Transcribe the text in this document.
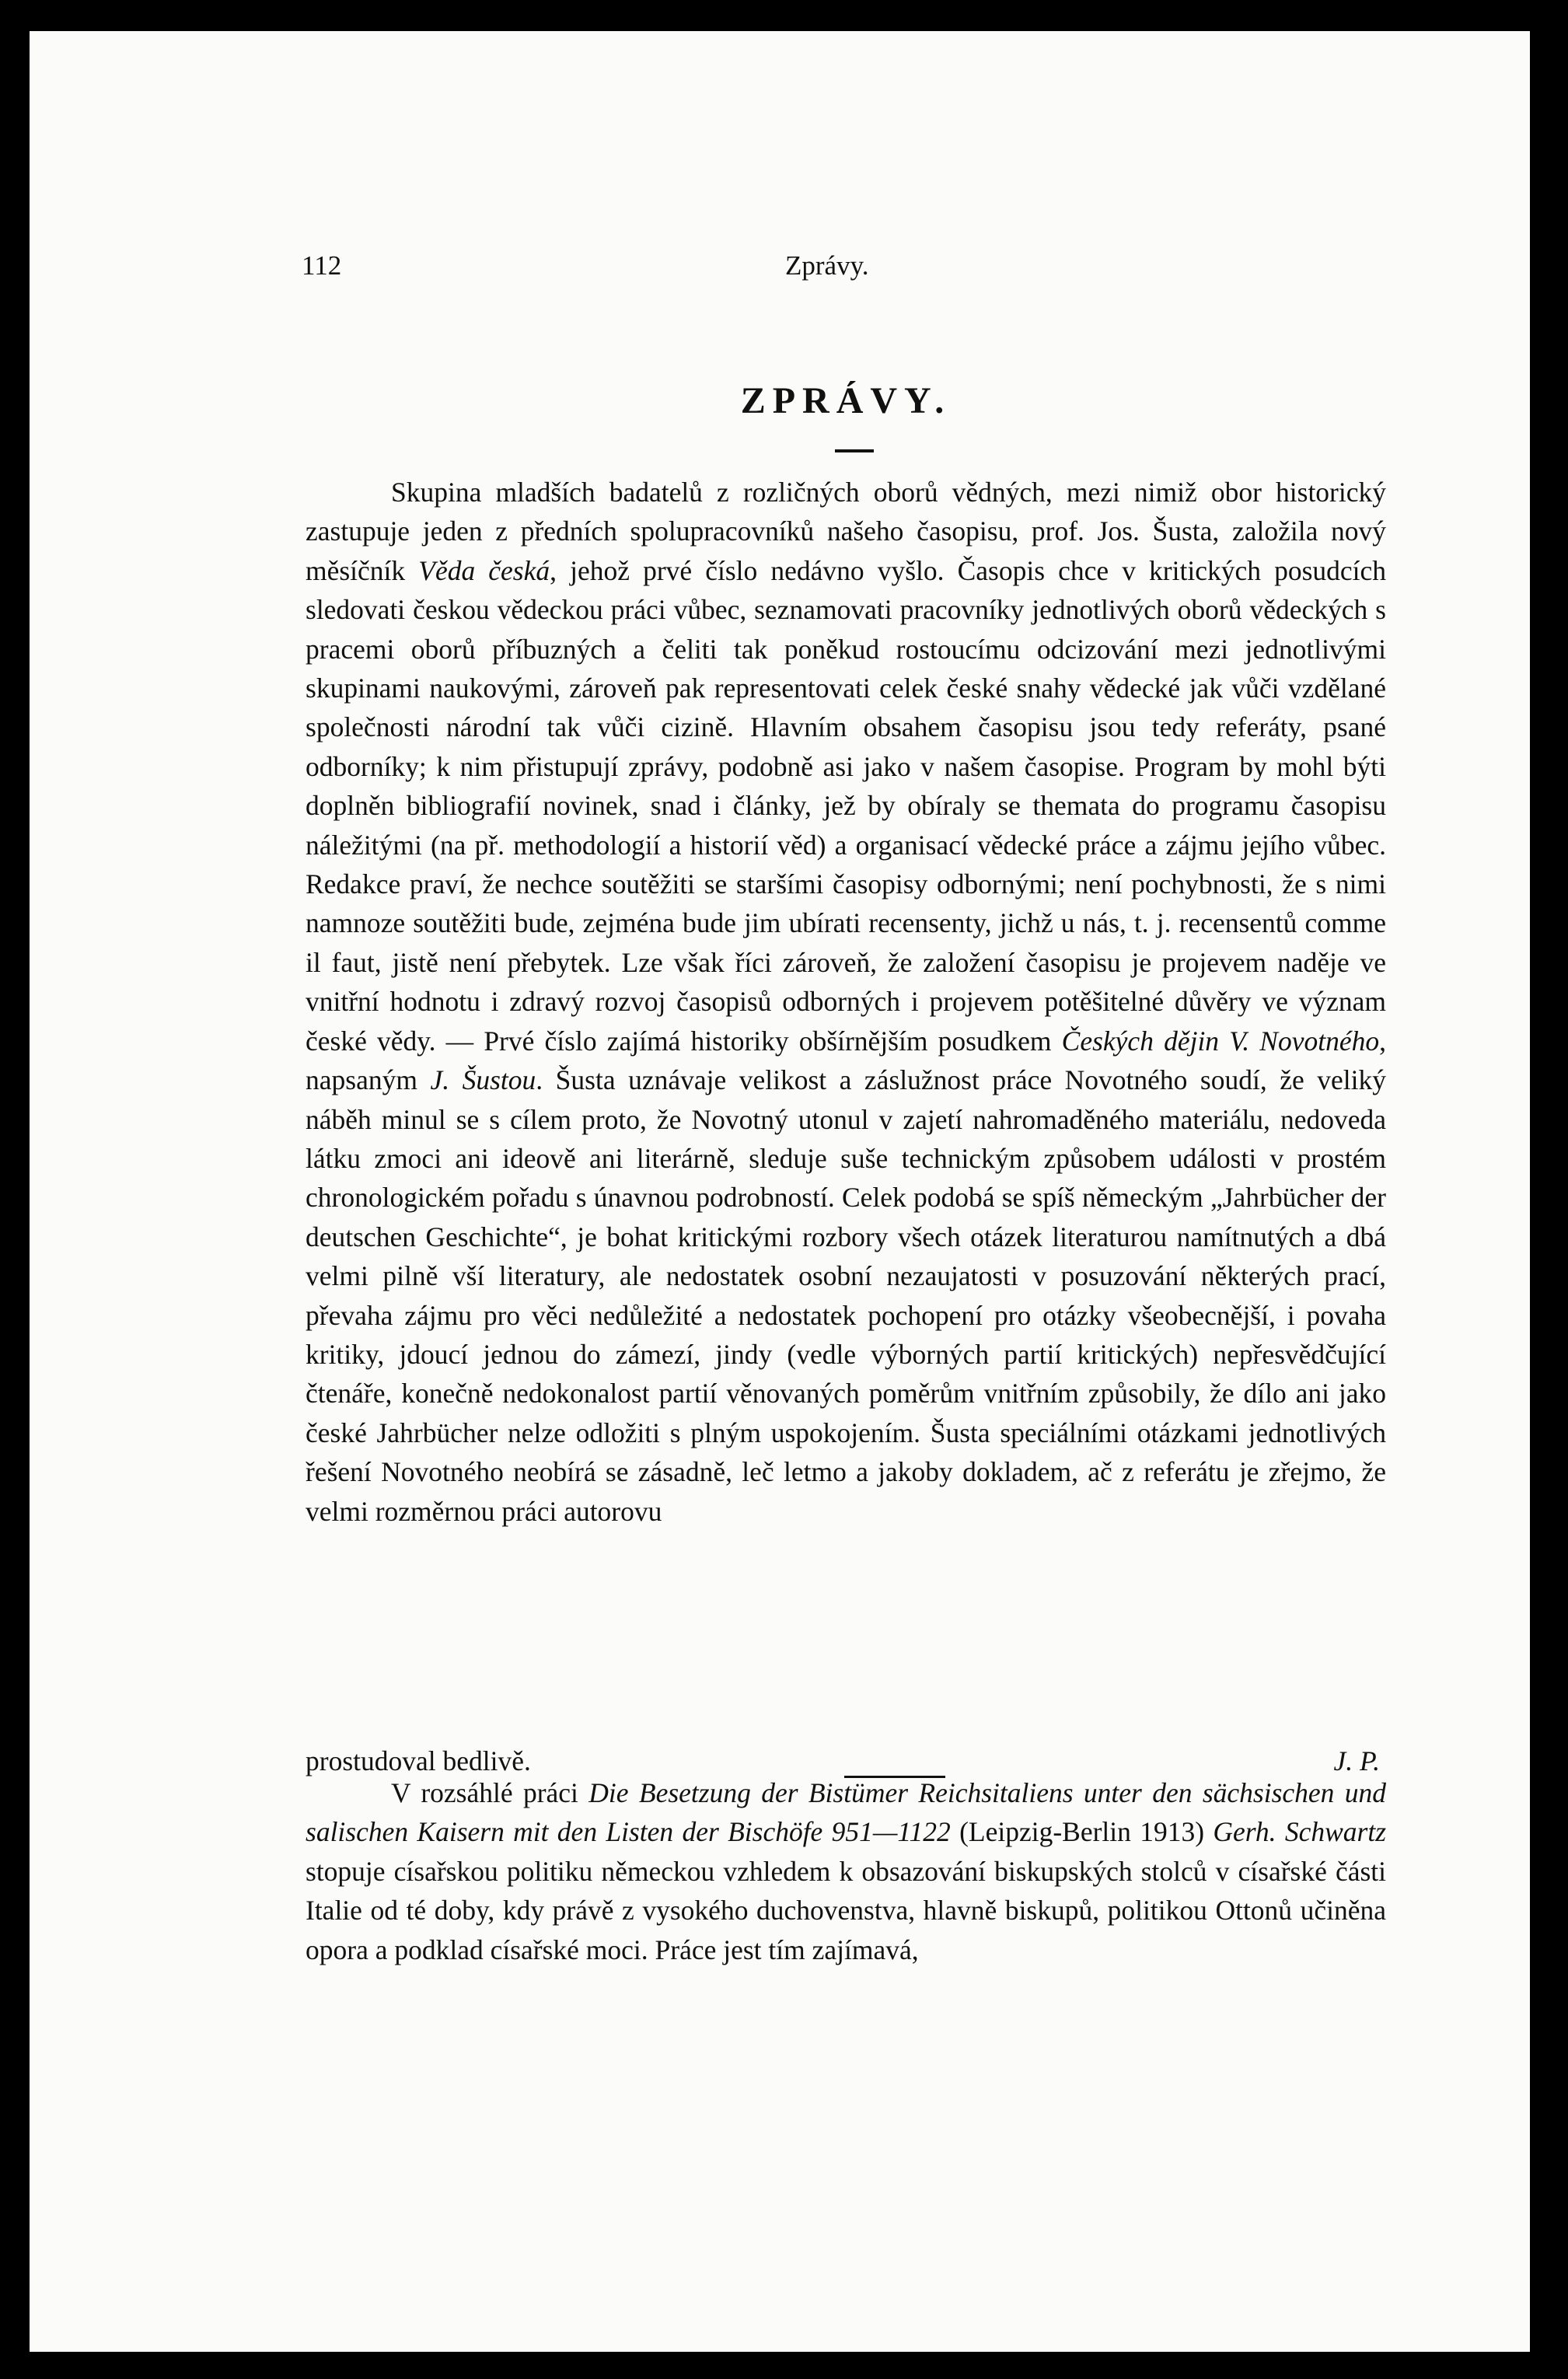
112	Zprávy.
ZPRÁVY.

Skupina mladších badatelů z rozličných oborů vědných, mezi nimiž obor historický zastupuje jeden z předních spolupracovníků našeho časopisu, prof. Jos. Šusta, založila nový měsíčník Věda česká, jehož prvé číslo nedávno vyšlo. Časopis chce v kritických posudcích sledovati českou vědeckou práci vůbec, seznamovati pracovníky jednotlivých oborů vědeckých s pracemi oborů příbuzných a čeliti tak poněkud rostoucímu odcizování mezi jednotlivými skupinami naukovými, zároveň pak representovati celek české snahy vědecké jak vůči vzdělané společnosti národní tak vůči cizině. Hlavním obsahem časopisu jsou tedy referáty, psané odborníky; k nim přistupují zprávy, podobně asi jako v našem časopise. Program by mohl býti doplněn bibliografií novinek, snad i články, jež by obíraly se themata do programu časopisu náležitými (na př. methodologií a historií věd) a organisací vědecké práce a zájmu jejího vůbec. Redakce praví, že nechce soutěžiti se staršími časopisy odbornými; není pochybnosti, že s nimi namnoze soutěžiti bude, zejména bude jim ubírati recensenty, jichž u nás, t. j. recensentů comme il faut, jistě není přebytek. Lze však říci zároveň, že založení časopisu je projevem naděje ve vnitřní hodnotu i zdravý rozvoj časopisů odborných i projevem potěšitelné důvěry ve význam české vědy. — Prvé číslo zajímá historiky obšírnějším posudkem Českých dějin V. Novotného, napsaným J. Šustou. Šusta uznávaje velikost a záslužnost práce Novotného soudí, že veliký náběh minul se s cílem proto, že Novotný utonul v zajetí nahromaděného materiálu, nedoveda látku zmoci ani ideově ani literárně, sleduje suše technickým způsobem události v prostém chronologickém pořadu s únavnou podrobností. Celek podobá se spíš německým „Jahrbücher der deutschen Geschichte“, je bohat kritickými rozbory všech otázek literaturou namítnutých a dbá velmi pilně vší literatury, ale nedostatek osobní nezaujatosti v posuzování některých prací, převaha zájmu pro věci nedůležité a nedostatek pochopení pro otázky všeobecnější, i povaha kritiky, jdoucí jednou do zámezí, jindy (vedle výborných partií kritických) nepřesvědčující čtenáře, konečně nedokonalost partií věnovaných poměrům vnitřním způsobily, že dílo ani jako české Jahrbücher nelze odložiti s plným uspokojením. Šusta speciálními otázkami jednotlivých řešení Novotného neobírá se zásadně, leč letmo a jakoby dokladem, ač z referátu je zřejmo, že velmi rozměrnou práci autorovu

prostudoval bedlivě.	J. P.

V rozsáhlé práci Die Besetzung der Bistümer Reichsitaliens unter den sächsischen und salischen Kaisern mit den Listen der Bischöfe 951—1122 (Leipzig-Berlin 1913) Gerh. Schwartz stopuje císařskou politiku německou vzhledem k obsazování biskupských stolců v císařské části Italie od té doby, kdy právě z vysokého duchovenstva, hlavně biskupů, politikou Ottonů učiněna opora a podklad císařské moci. Práce jest tím zajímavá,
